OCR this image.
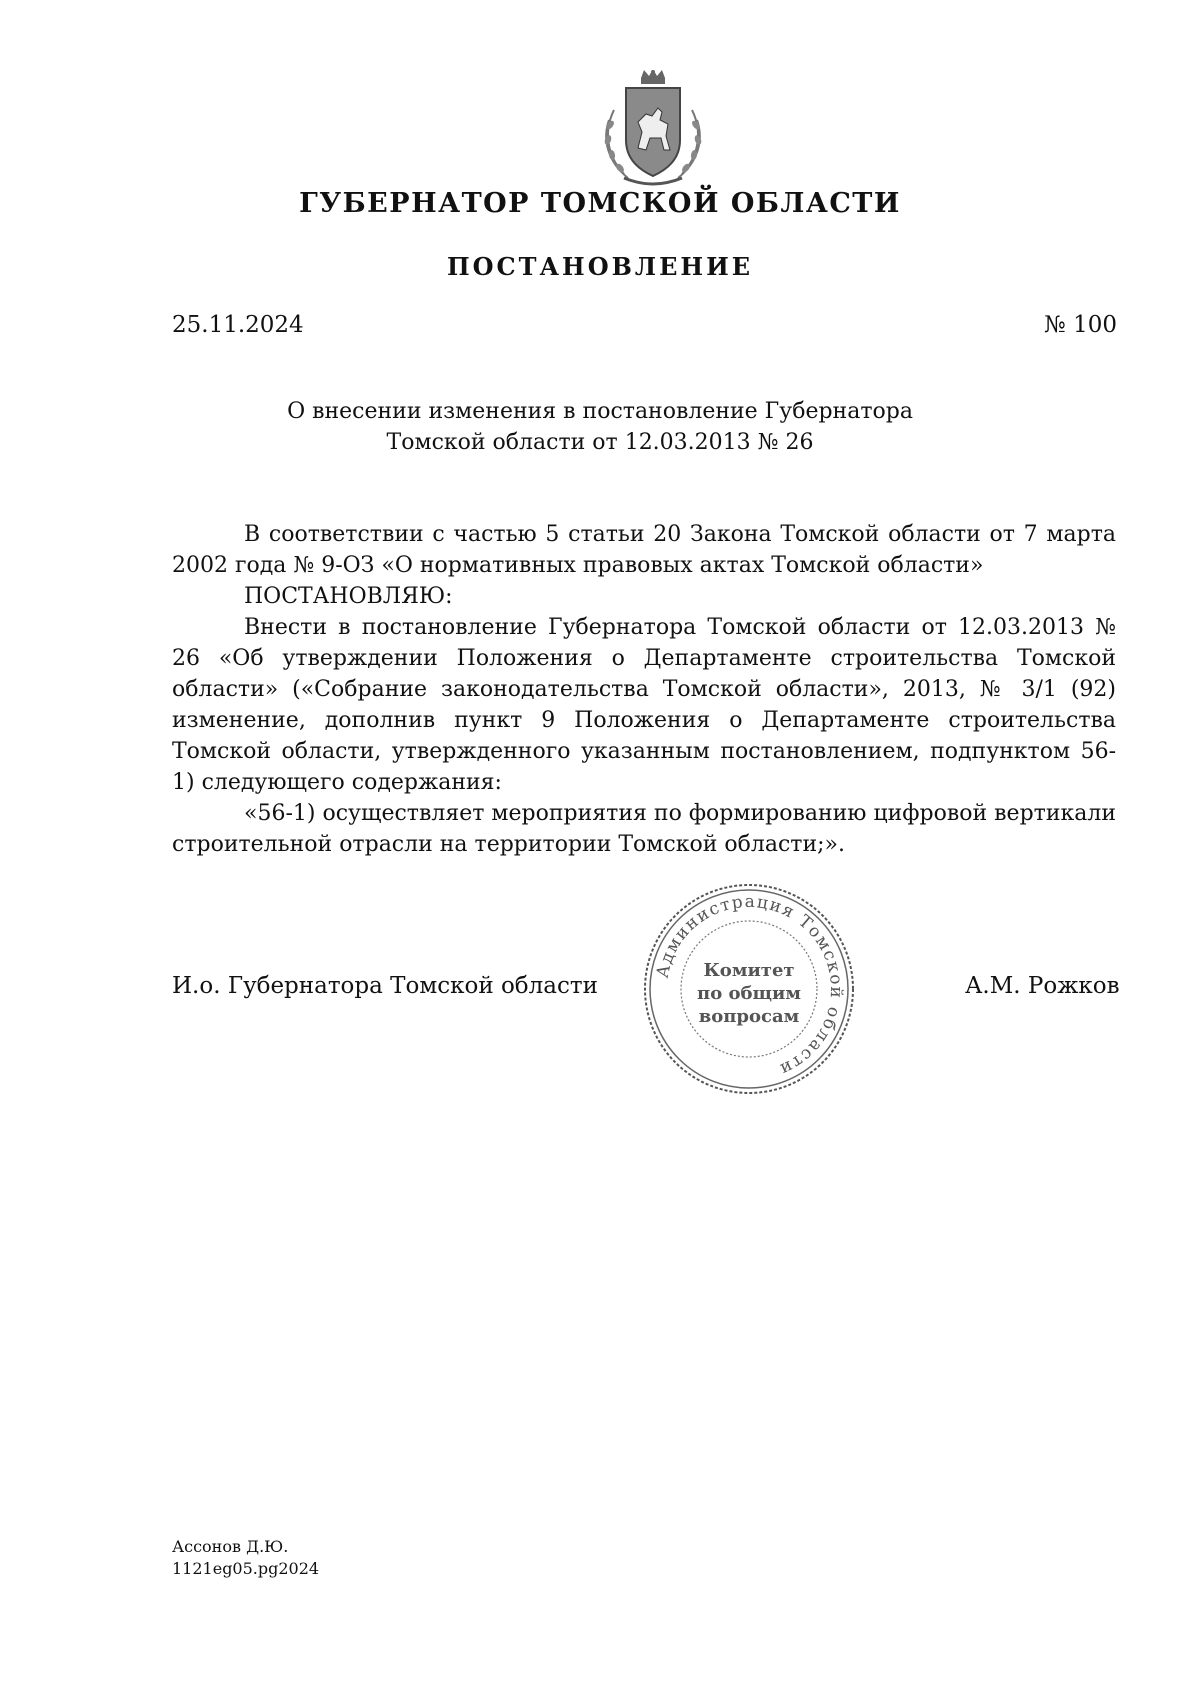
ГУБЕРНАТОР ТОМСКОЙ ОБЛАСТИ
ПОСТАНОВЛЕНИЕ
25.11.2024	№ 100
О внесении изменения в постановление Губернатора
Томской области от 12.03.2013 № 26

В соответствии с частью 5 статьи 20 Закона Томской области от 7 марта 2002 года № 9-ОЗ «О нормативных правовых актах Томской области»

ПОСТАНОВЛЯЮ:

Внести в постановление Губернатора Томской области от 12.03.2013 № 26 «Об утверждении Положения о Департаменте строительства Томской области» («Собрание законодательства Томской области», 2013, № 3/1 (92) изменение, дополнив пункт 9 Положения о Департаменте строительства Томской области, утвержденного указанным постановлением, подпунктом 56-1) следующего содержания:

«56-1) осуществляет мероприятия по формированию цифровой вертикали строительной отрасли на территории Томской области;».

И.о. Губернатора Томской области	А.М. Рожков
Администрация Томской области
Комитет
по общим
вопросам
Ассонов Д.Ю.
1121eg05.pg2024
